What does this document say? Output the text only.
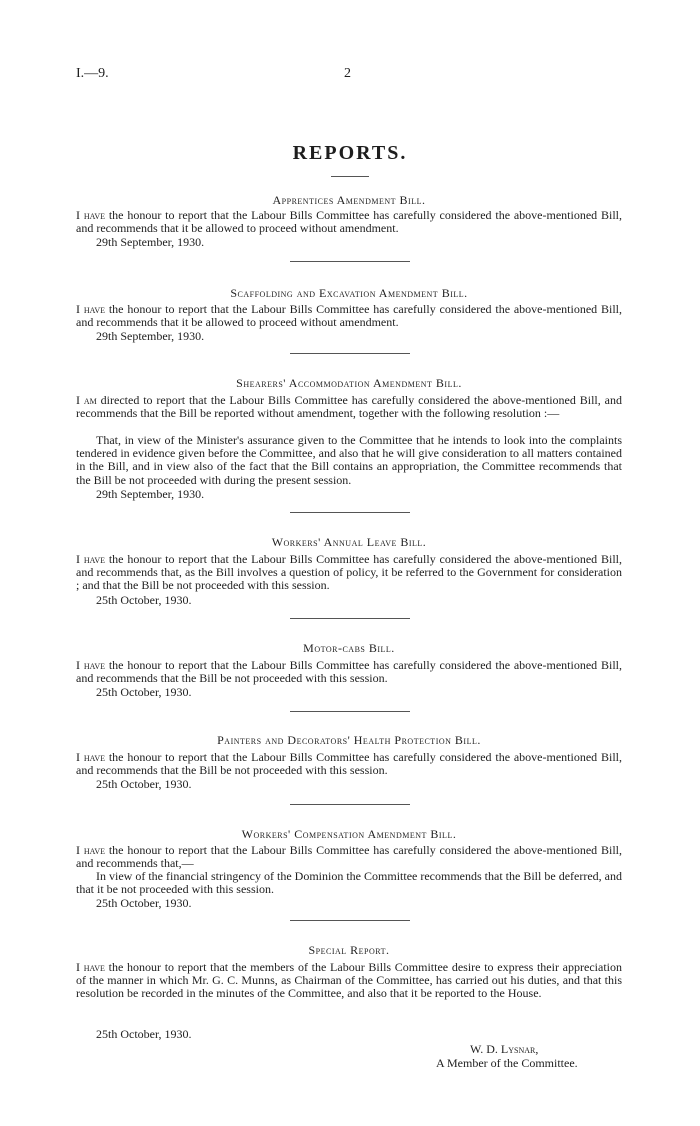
I.—9.	2
REPORTS.
Apprentices Amendment Bill.
I have the honour to report that the Labour Bills Committee has carefully considered the above-mentioned Bill, and recommends that it be allowed to proceed without amendment.
29th September, 1930.
Scaffolding and Excavation Amendment Bill.
I have the honour to report that the Labour Bills Committee has carefully considered the above-mentioned Bill, and recommends that it be allowed to proceed without amendment.
29th September, 1930.
Shearers' Accommodation Amendment Bill.
I am directed to report that the Labour Bills Committee has carefully considered the above-mentioned Bill, and recommends that the Bill be reported without amendment, together with the following resolution :—
That, in view of the Minister's assurance given to the Committee that he intends to look into the complaints tendered in evidence given before the Committee, and also that he will give consideration to all matters contained in the Bill, and in view also of the fact that the Bill contains an appropriation, the Committee recommends that the Bill be not proceeded with during the present session.
29th September, 1930.
Workers' Annual Leave Bill.
I have the honour to report that the Labour Bills Committee has carefully considered the above-mentioned Bill, and recommends that, as the Bill involves a question of policy, it be referred to the Government for consideration ; and that the Bill be not proceeded with this session.
25th October, 1930.
Motor-cabs Bill.
I have the honour to report that the Labour Bills Committee has carefully considered the above-mentioned Bill, and recommends that the Bill be not proceeded with this session.
25th October, 1930.
Painters and Decorators' Health Protection Bill.
I have the honour to report that the Labour Bills Committee has carefully considered the above-mentioned Bill, and recommends that the Bill be not proceeded with this session.
25th October, 1930.
Workers' Compensation Amendment Bill.
I have the honour to report that the Labour Bills Committee has carefully considered the above-mentioned Bill, and recommends that,—
In view of the financial stringency of the Dominion the Committee recommends that the Bill be deferred, and that it be not proceeded with this session.
25th October, 1930.
Special Report.
I have the honour to report that the members of the Labour Bills Committee desire to express their appreciation of the manner in which Mr. G. C. Munns, as Chairman of the Committee, has carried out his duties, and that this resolution be recorded in the minutes of the Committee, and also that it be reported to the House.
25th October, 1930.
W. D. Lysnar,
A Member of the Committee.
